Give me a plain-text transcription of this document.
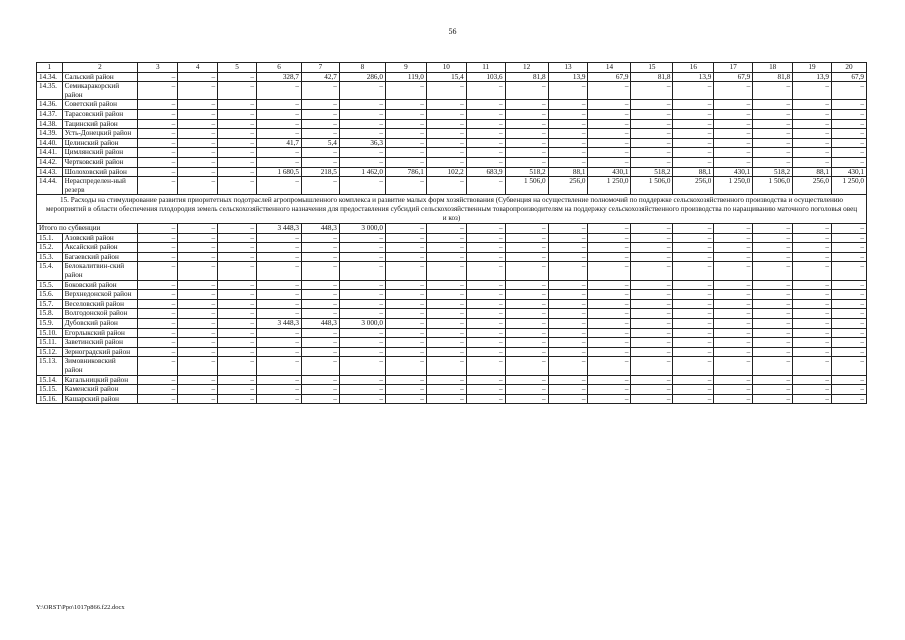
56
1	2	3	4	5	6	7	8	9	10	11	12	13	14	15	16	17	18	19	20
14.34.	Сальский район	–	–	–	328,7	42,7	286,0	119,0	15,4	103,6	81,8	13,9	67,9	81,8	13,9	67,9	81,8	13,9	67,9
14.35.	Семикаракорский район	–	–	–	–	–	–	–	–	–	–	–	–	–	–	–	–	–	–
14.36.	Советский район	–	–	–	–	–	–	–	–	–	–	–	–	–	–	–	–	–	–
14.37.	Тарасовский район	–	–	–	–	–	–	–	–	–	–	–	–	–	–	–	–	–	–
14.38.	Тацинский район	–	–	–	–	–	–	–	–	–	–	–	–	–	–	–	–	–	–
14.39.	Усть-Донецкий район	–	–	–	–	–	–	–	–	–	–	–	–	–	–	–	–	–	–
14.40.	Целинский район	–	–	–	41,7	5,4	36,3	–	–	–	–	–	–	–	–	–	–	–	–
14.41.	Цимлянский район	–	–	–	–	–	–	–	–	–	–	–	–	–	–	–	–	–	–
14.42.	Чертковский район	–	–	–	–	–	–	–	–	–	–	–	–	–	–	–	–	–	–
14.43.	Шолоховский район	–	–	–	1 680,5	218,5	1 462,0	786,1	102,2	683,9	518,2	88,1	430,1	518,2	88,1	430,1	518,2	88,1	430,1
14.44.	Нераспределен-ный резерв	–	–	–	–	–	–	–	–	–	1 506,0	256,0	1 250,0	1 506,0	256,0	1 250,0	1 506,0	256,0	1 250,0
15. Расходы на стимулирование развития приоритетных подотраслей агропромышленного комплекса и развитие малых форм хозяйствования (Субвенция на осуществление полномочий по поддержке сельскохозяйственного производства и осуществлению мероприятий в области обеспечения плодородия земель сельскохозяйственного назначения для предоставления субсидий сельскохозяйственным товаропроизводителям на поддержку сельскохозяйственного производства по наращиванию маточного поголовья овец и коз)																			
Итого по субвенции		–	–	–	3 448,3	448,3	3 000,0	–	–	–	–	–	–	–	–	–	–	–	–
15.1.	Азовский район	–	–	–	–	–	–	–	–	–	–	–	–	–	–	–	–	–	–
15.2.	Аксайский район	–	–	–	–	–	–	–	–	–	–	–	–	–	–	–	–	–	–
15.3.	Багаевский район	–	–	–	–	–	–	–	–	–	–	–	–	–	–	–	–	–	–
15.4.	Белокалитвин-ский район	–	–	–	–	–	–	–	–	–	–	–	–	–	–	–	–	–	–
15.5.	Боковский район	–	–	–	–	–	–	–	–	–	–	–	–	–	–	–	–	–	–
15.6.	Верхнедонской район	–	–	–	–	–	–	–	–	–	–	–	–	–	–	–	–	–	–
15.7.	Веселовский район	–	–	–	–	–	–	–	–	–	–	–	–	–	–	–	–	–	–
15.8.	Волгодонской район	–	–	–	–	–	–	–	–	–	–	–	–	–	–	–	–	–	–
15.9.	Дубовский район	–	–	–	3 448,3	448,3	3 000,0	–	–	–	–	–	–	–	–	–	–	–	–
15.10.	Егорлыкский район	–	–	–	–	–	–	–	–	–	–	–	–	–	–	–	–	–	–
15.11.	Заветинский район	–	–	–	–	–	–	–	–	–	–	–	–	–	–	–	–	–	–
15.12.	Зерноградский район	–	–	–	–	–	–	–	–	–	–	–	–	–	–	–	–	–	–
15.13.	Зимовниковский район	–	–	–	–	–	–	–	–	–	–	–	–	–	–	–	–	–	–
15.14.	Кагальницкий район	–	–	–	–	–	–	–	–	–	–	–	–	–	–	–	–	–	–
15.15.	Каменский район	–	–	–	–	–	–	–	–	–	–	–	–	–	–	–	–	–	–
15.16.	Кашарский район	–	–	–	–	–	–	–	–	–	–	–	–	–	–	–	–	–	–
Y:\ORST\Ppo\1017p866.f22.docx
